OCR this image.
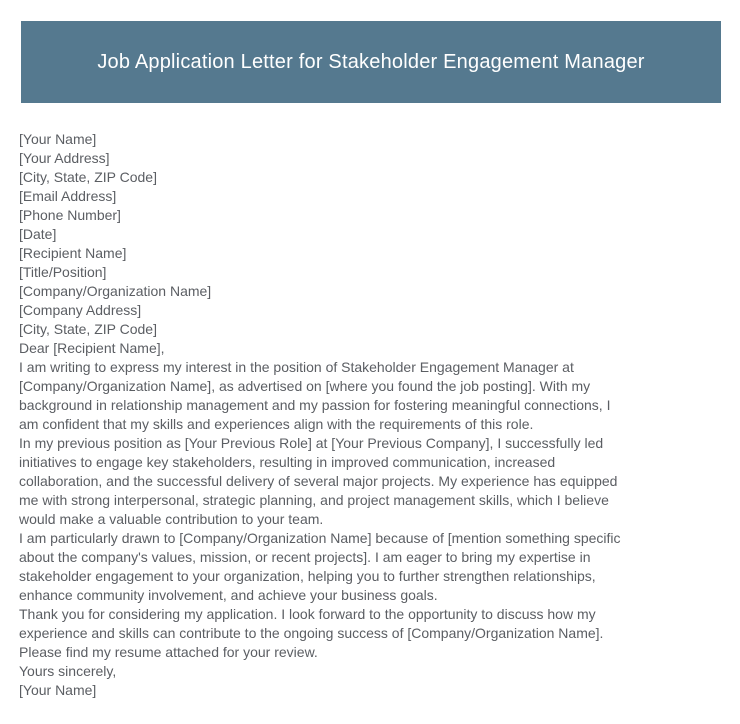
Job Application Letter for Stakeholder Engagement Manager
[Your Name]
[Your Address]
[City, State, ZIP Code]
[Email Address]
[Phone Number]
[Date]
[Recipient Name]
[Title/Position]
[Company/Organization Name]
[Company Address]
[City, State, ZIP Code]
Dear [Recipient Name],
I am writing to express my interest in the position of Stakeholder Engagement Manager at
[Company/Organization Name], as advertised on [where you found the job posting]. With my
background in relationship management and my passion for fostering meaningful connections, I
am confident that my skills and experiences align with the requirements of this role.
In my previous position as [Your Previous Role] at [Your Previous Company], I successfully led
initiatives to engage key stakeholders, resulting in improved communication, increased
collaboration, and the successful delivery of several major projects. My experience has equipped
me with strong interpersonal, strategic planning, and project management skills, which I believe
would make a valuable contribution to your team.
I am particularly drawn to [Company/Organization Name] because of [mention something specific
about the company's values, mission, or recent projects]. I am eager to bring my expertise in
stakeholder engagement to your organization, helping you to further strengthen relationships,
enhance community involvement, and achieve your business goals.
Thank you for considering my application. I look forward to the opportunity to discuss how my
experience and skills can contribute to the ongoing success of [Company/Organization Name].
Please find my resume attached for your review.
Yours sincerely,
[Your Name]
